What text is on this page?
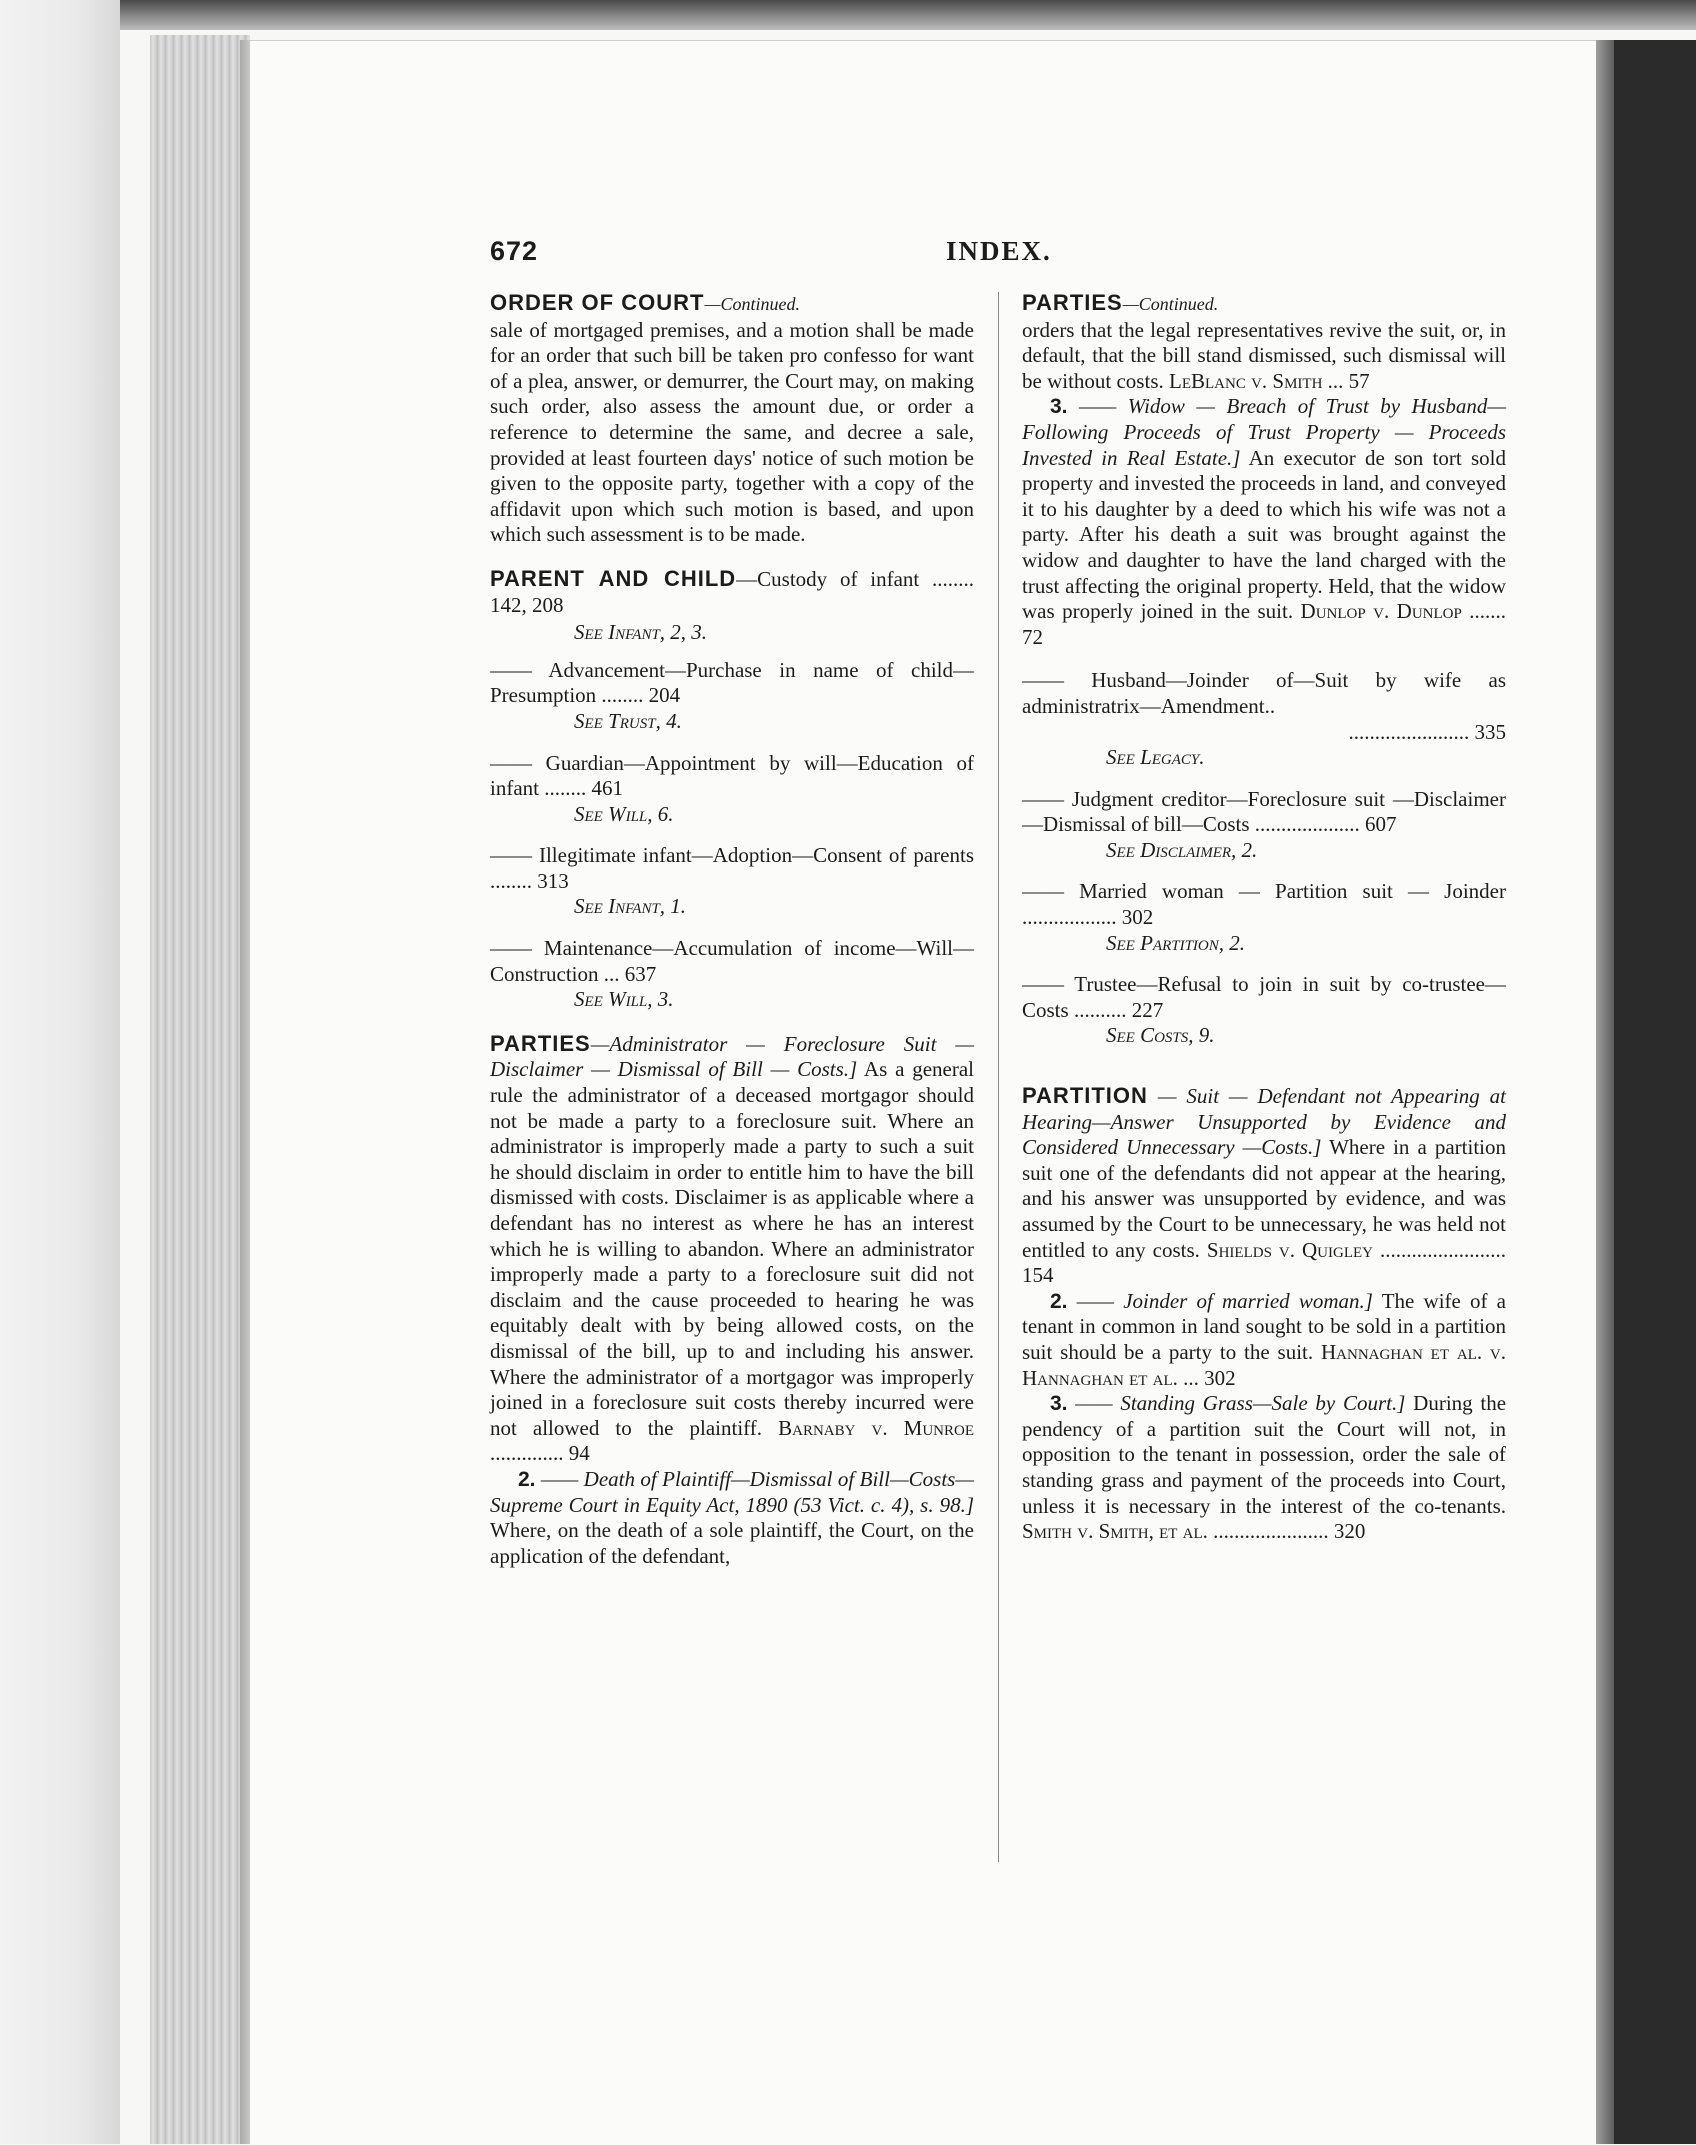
672	INDEX.

ORDER OF COURT—Continued.

sale of mortgaged premises, and a motion shall be made for an order that such bill be taken pro confesso for want of a plea, answer, or demurrer, the Court may, on making such order, also assess the amount due, or order a reference to determine the same, and decree a sale, provided at least fourteen days' notice of such motion be given to the opposite party, together with a copy of the affidavit upon which such motion is based, and upon which such assessment is to be made.

PARENT AND CHILD—Custody of infant ........ 142, 208

See Infant, 2, 3.

—— Advancement—Purchase in name of child—Presumption ........ 204

See Trust, 4.

—— Guardian—Appointment by will—Education of infant ........ 461

See Will, 6.

—— Illegitimate infant—Adoption—Consent of parents ........ 313

See Infant, 1.

—— Maintenance—Accumulation of income—Will—Construction ... 637

See Will, 3.

PARTIES—Administrator — Foreclosure Suit — Disclaimer — Dismissal of Bill — Costs.] As a general rule the administrator of a deceased mortgagor should not be made a party to a foreclosure suit. Where an administrator is improperly made a party to such a suit he should disclaim in order to entitle him to have the bill dismissed with costs. Disclaimer is as applicable where a defendant has no interest as where he has an interest which he is willing to abandon. Where an administrator improperly made a party to a foreclosure suit did not disclaim and the cause proceeded to hearing he was equitably dealt with by being allowed costs, on the dismissal of the bill, up to and including his answer. Where the administrator of a mortgagor was improperly joined in a foreclosure suit costs thereby incurred were not allowed to the plaintiff. Barnaby v. Munroe .............. 94

2. —— Death of Plaintiff—Dismissal of Bill—Costs—Supreme Court in Equity Act, 1890 (53 Vict. c. 4), s. 98.] Where, on the death of a sole plaintiff, the Court, on the application of the defendant,

PARTIES—Continued.

orders that the legal representatives revive the suit, or, in default, that the bill stand dismissed, such dismissal will be without costs. LeBlanc v. Smith ... 57

3. —— Widow — Breach of Trust by Husband—Following Proceeds of Trust Property — Proceeds Invested in Real Estate.] An executor de son tort sold property and invested the proceeds in land, and conveyed it to his daughter by a deed to which his wife was not a party. After his death a suit was brought against the widow and daughter to have the land charged with the trust affecting the original property. Held, that the widow was properly joined in the suit. Dunlop v. Dunlop ....... 72

—— Husband—Joinder of—Suit by wife as administratrix—Amendment..

....................... 335

See Legacy.

—— Judgment creditor—Foreclosure suit —Disclaimer—Dismissal of bill—Costs .................... 607

See Disclaimer, 2.

—— Married woman — Partition suit — Joinder .................. 302

See Partition, 2.

—— Trustee—Refusal to join in suit by co-trustee—Costs .......... 227

See Costs, 9.

PARTITION — Suit — Defendant not Appearing at Hearing—Answer Unsupported by Evidence and Considered Unnecessary —Costs.] Where in a partition suit one of the defendants did not appear at the hearing, and his answer was unsupported by evidence, and was assumed by the Court to be unnecessary, he was held not entitled to any costs. Shields v. Quigley ........................ 154

2. —— Joinder of married woman.] The wife of a tenant in common in land sought to be sold in a partition suit should be a party to the suit. Hannaghan et al. v. Hannaghan et al. ... 302

3. —— Standing Grass—Sale by Court.] During the pendency of a partition suit the Court will not, in opposition to the tenant in possession, order the sale of standing grass and payment of the proceeds into Court, unless it is necessary in the interest of the co-tenants. Smith v. Smith, et al. ...................... 320
